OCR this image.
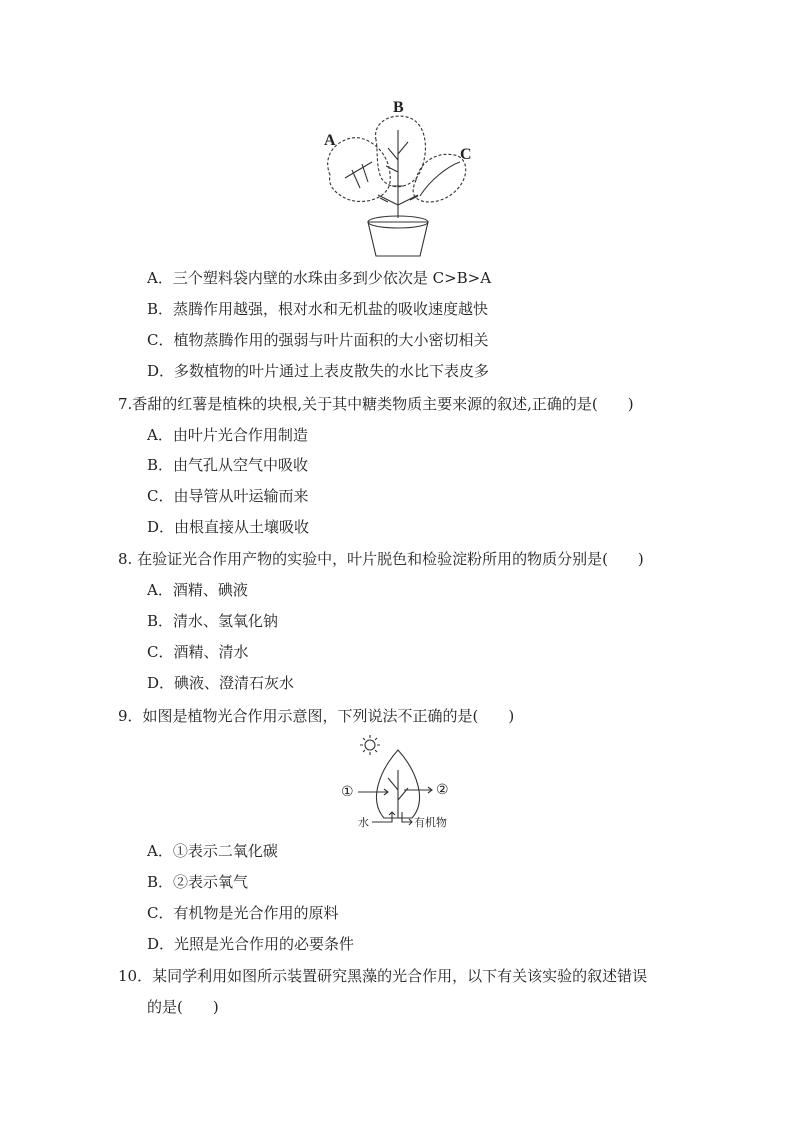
A
B
C
A．三个塑料袋内壁的水珠由多到少依次是 C>B>A
B．蒸腾作用越强，根对水和无机盐的吸收速度越快
C．植物蒸腾作用的强弱与叶片面积的大小密切相关
D．多数植物的叶片通过上表皮散失的水比下表皮多
7.香甜的红薯是植株的块根,关于其中糖类物质主要来源的叙述,正确的是(　　)
A．由叶片光合作用制造
B．由气孔从空气中吸收
C．由导管从叶运输而来
D．由根直接从土壤吸收
8. 在验证光合作用产物的实验中，叶片脱色和检验淀粉所用的物质分别是(　　)
A．酒精、碘液
B．清水、氢氧化钠
C．酒精、清水
D．碘液、澄清石灰水
9．如图是植物光合作用示意图，下列说法不正确的是(　　)
①	②
水	有机物
A．①表示二氧化碳
B．②表示氧气
C．有机物是光合作用的原料
D．光照是光合作用的必要条件
10．某同学利用如图所示装置研究黑藻的光合作用，以下有关该实验的叙述错误
的是(　　)
